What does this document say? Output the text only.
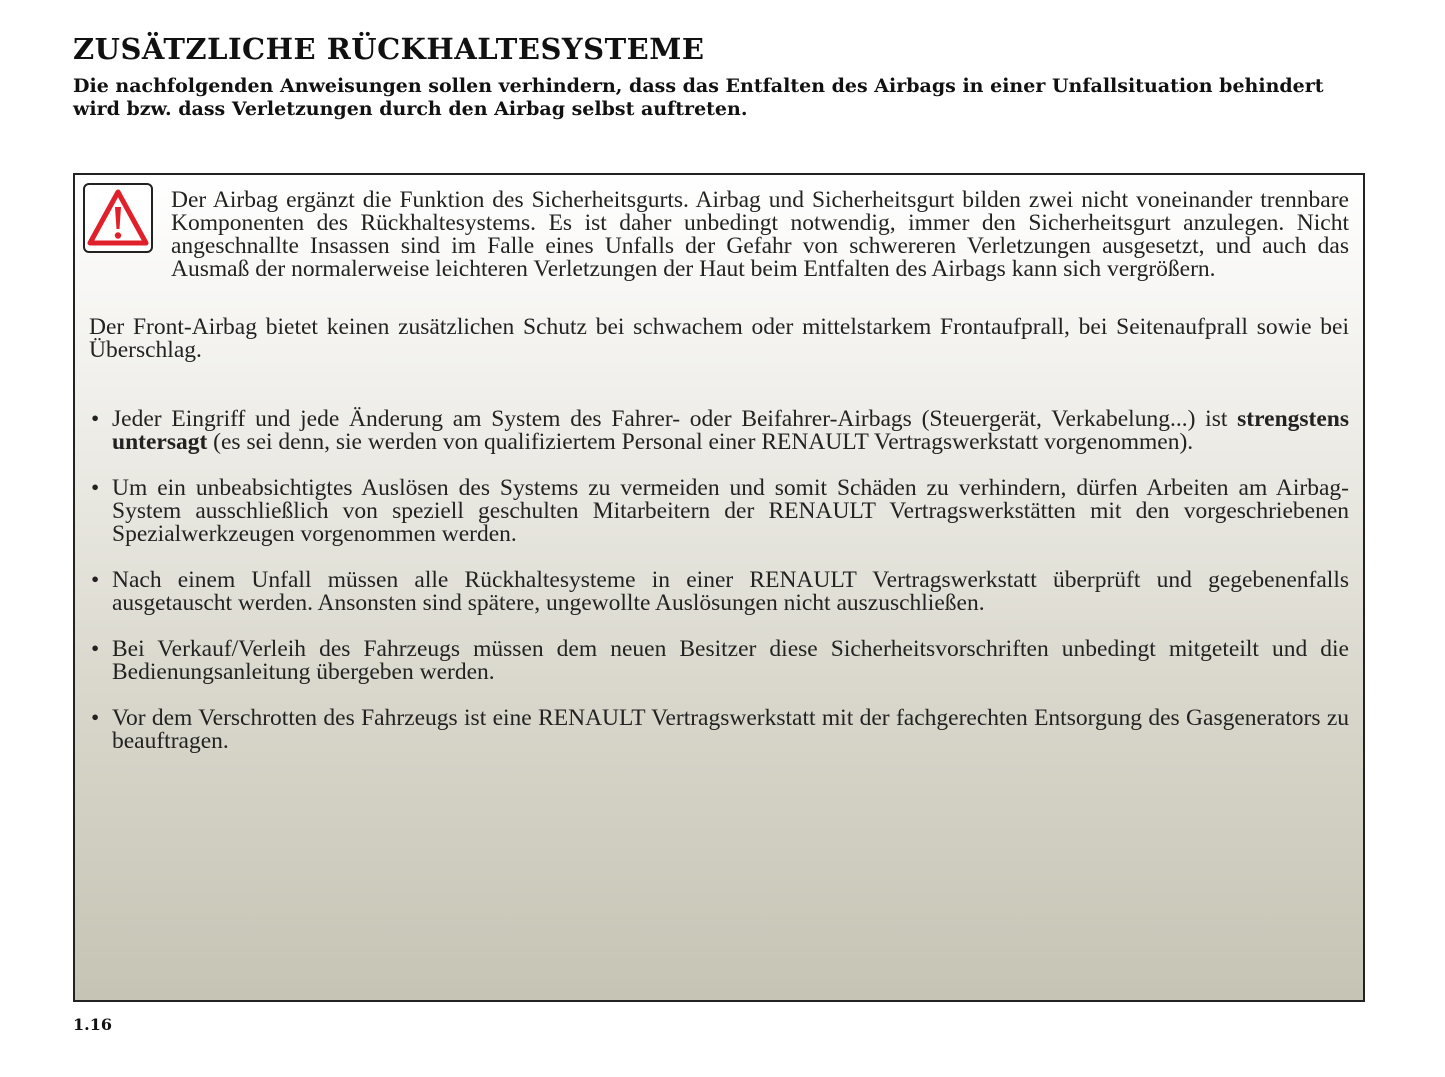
ZUSÄTZLICHE RÜCKHALTESYSTEME

Die nachfolgenden Anweisungen sollen verhindern, dass das Entfalten des Airbags in einer Unfallsituation behindert wird bzw. dass Verletzungen durch den Airbag selbst auftreten.

Der Airbag ergänzt die Funktion des Sicherheitsgurts. Airbag und Sicherheitsgurt bilden zwei nicht voneinander trennbare Komponenten des Rückhaltesystems. Es ist daher unbedingt notwendig, immer den Sicherheitsgurt anzulegen. Nicht angeschnallte Insassen sind im Falle eines Unfalls der Gefahr von schwereren Verletzungen ausgesetzt, und auch das Ausmaß der normalerweise leichteren Verletzungen der Haut beim Entfalten des Airbags kann sich vergrößern.

Der Front-Airbag bietet keinen zusätzlichen Schutz bei schwachem oder mittelstarkem Frontaufprall, bei Seitenaufprall sowie bei Überschlag.

• Jeder Eingriff und jede Änderung am System des Fahrer- oder Beifahrer-Airbags (Steuergerät, Verkabelung...) ist strengstens untersagt (es sei denn, sie werden von qualifiziertem Personal einer RENAULT Vertragswerkstatt vorgenommen).
• Um ein unbeabsichtigtes Auslösen des Systems zu vermeiden und somit Schäden zu verhindern, dürfen Arbeiten am Airbag-System ausschließlich von speziell geschulten Mitarbeitern der RENAULT Vertragswerkstätten mit den vorgeschriebenen Spezialwerkzeugen vorgenommen werden.
• Nach einem Unfall müssen alle Rückhaltesysteme in einer RENAULT Vertragswerkstatt überprüft und gegebenenfalls ausgetauscht werden. Ansonsten sind spätere, ungewollte Auslösungen nicht auszuschließen.
• Bei Verkauf/Verleih des Fahrzeugs müssen dem neuen Besitzer diese Sicherheitsvorschriften unbedingt mitgeteilt und die Bedienungsanleitung übergeben werden.
• Vor dem Verschrotten des Fahrzeugs ist eine RENAULT Vertragswerkstatt mit der fachgerechten Entsorgung des Gasgenerators zu beauftragen.
1.16
